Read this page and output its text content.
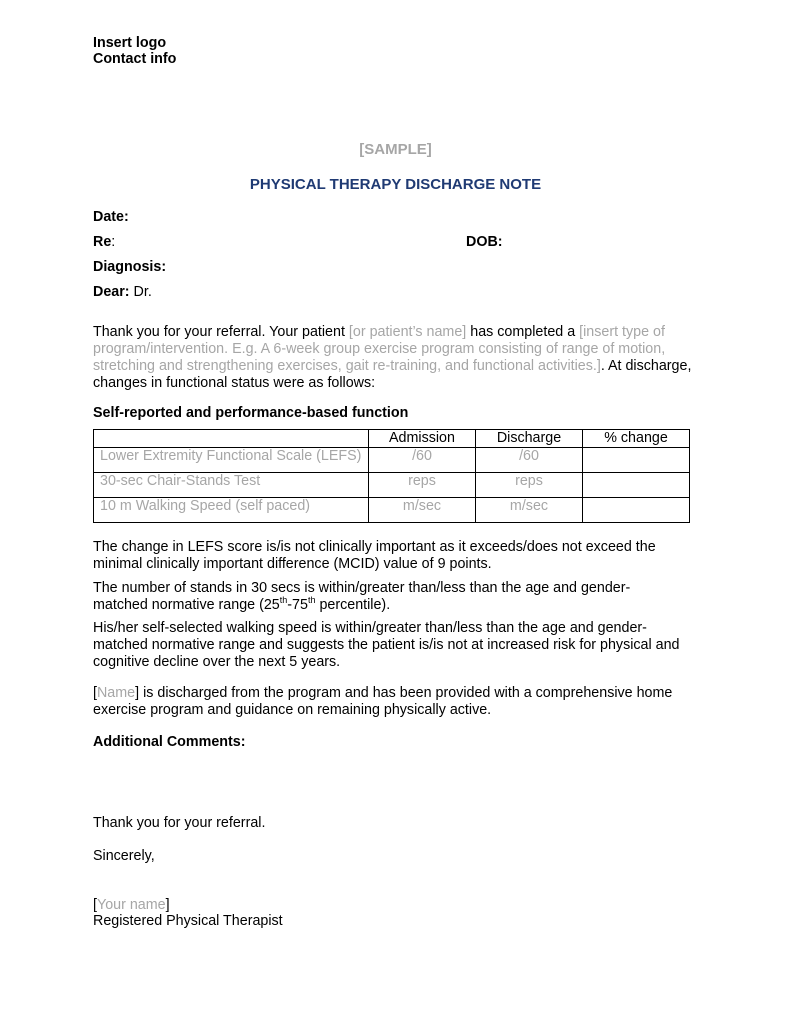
Insert logo
Contact info
[SAMPLE]
PHYSICAL THERAPY DISCHARGE NOTE
Date:
Re:	DOB:
Diagnosis:
Dear: Dr.
Thank you for your referral. Your patient [or patient’s name] has completed a [insert type of program/intervention. E.g. A 6-week group exercise program consisting of range of motion, stretching and strengthening exercises, gait re-training, and functional activities.]. At discharge, changes in functional status were as follows:
Self-reported and performance-based function
	Admission	Discharge	% change
Lower Extremity Functional Scale (LEFS)	/60	/60	
30-sec Chair-Stands Test	reps	reps	
10 m Walking Speed (self paced)	m/sec	m/sec	
The change in LEFS score is/is not clinically important as it exceeds/does not exceed the minimal clinically important difference (MCID) value of 9 points.
The number of stands in 30 secs is within/greater than/less than the age and gender-matched normative range (25th-75th percentile).
His/her self-selected walking speed is within/greater than/less than the age and gender-matched normative range and suggests the patient is/is not at increased risk for physical and cognitive decline over the next 5 years.
[Name] is discharged from the program and has been provided with a comprehensive home exercise program and guidance on remaining physically active.
Additional Comments:
Thank you for your referral.
Sincerely,
[Your name]
Registered Physical Therapist
